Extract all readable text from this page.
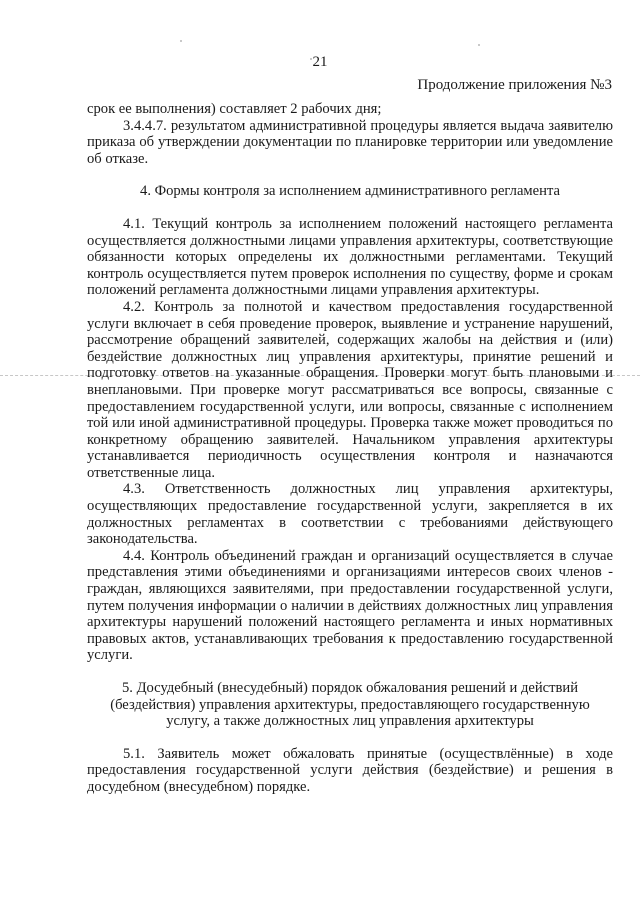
21
Продолжение приложения №3

срок ее выполнения) составляет 2 рабочих дня;

3.4.4.7. результатом административной процедуры является выдача заявителю приказа об утверждении документации по планировке территории или уведомление об отказе.

4. Формы контроля за исполнением административного регламента

4.1. Текущий контроль за исполнением положений настоящего регламента осуществляется должностными лицами управления архитектуры, соответствующие обязанности которых определены их должностными регламентами. Текущий контроль осуществляется путем проверок исполнения по существу, форме и срокам положений регламента должностными лицами управления архитектуры.

4.2. Контроль за полнотой и качеством предоставления государственной услуги включает в себя проведение проверок, выявление и устранение нарушений, рассмотрение обращений заявителей, содержащих жалобы на действия и (или) бездействие должностных лиц управления архитектуры, принятие решений и подготовку ответов на указанные обращения. Проверки могут быть плановыми и внеплановыми. При проверке могут рассматриваться все вопросы, связанные с предоставлением государственной услуги, или вопросы, связанные с исполнением той или иной административной процедуры. Проверка также может проводиться по конкретному обращению заявителей. Начальником управления архитектуры устанавливается периодичность осуществления контроля и назначаются ответственные лица.

4.3. Ответственность должностных лиц управления архитектуры, осуществляющих предоставление государственной услуги, закрепляется в их должностных регламентах в соответствии с требованиями действующего законодательства.

4.4. Контроль объединений граждан и организаций осуществляется в случае представления этими объединениями и организациями интересов своих членов - граждан, являющихся заявителями, при предоставлении государственной услуги, путем получения информации о наличии в действиях должностных лиц управления архитектуры нарушений положений настоящего регламента и иных нормативных правовых актов, устанавливающих требования к предоставлению государственной услуги.

5. Досудебный (внесудебный) порядок обжалования решений и действий (бездействия) управления архитектуры, предоставляющего государственную услугу, а также должностных лиц управления архитектуры

5.1. Заявитель может обжаловать принятые (осуществлённые) в ходе предоставления государственной услуги действия (бездействие) и решения в досудебном (внесудебном) порядке.
